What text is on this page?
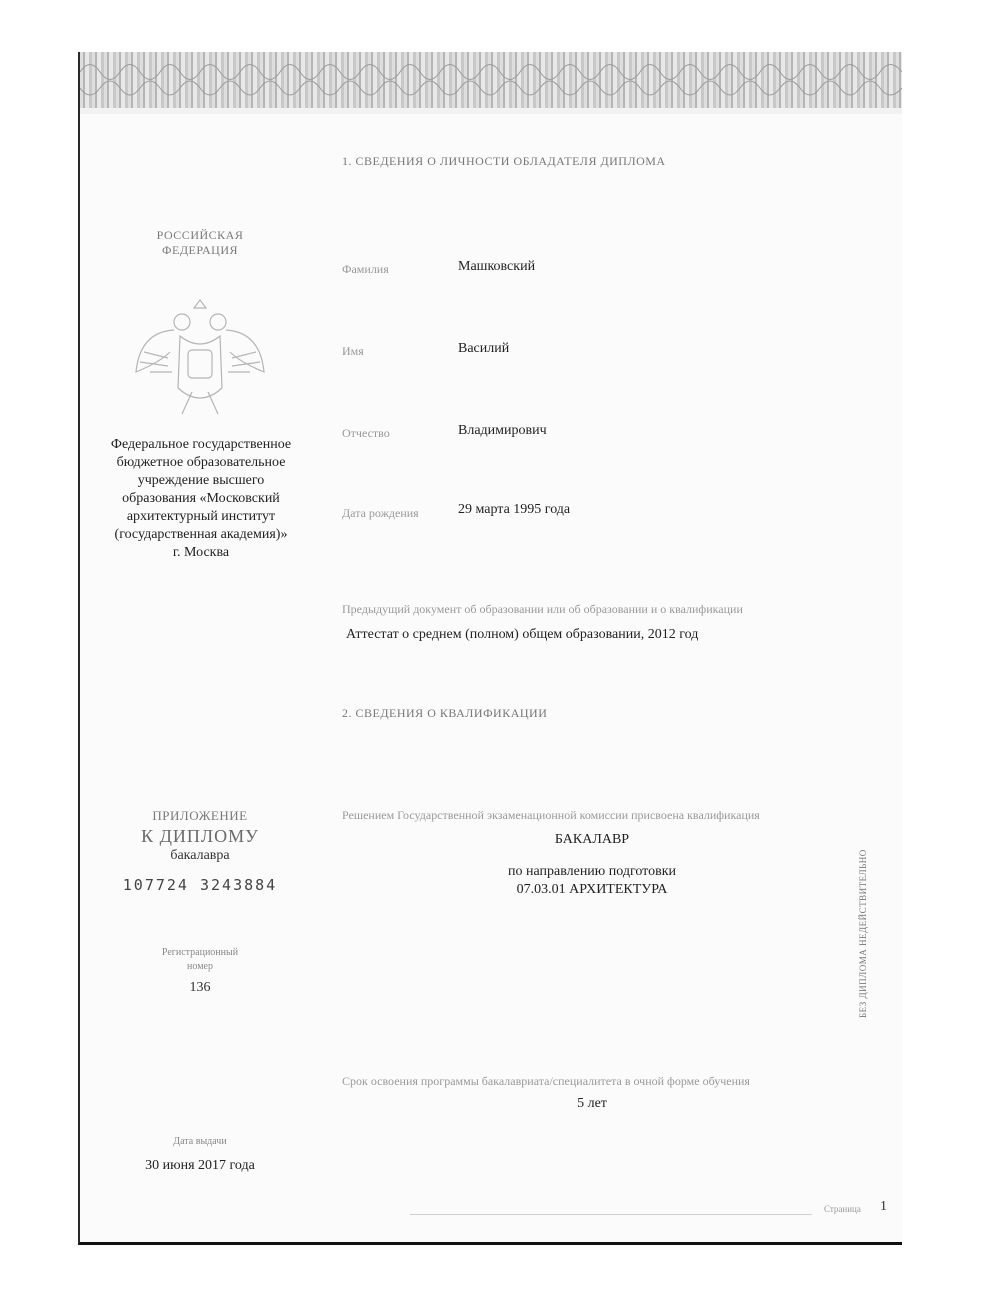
РОССИЙСКАЯ
ФЕДЕРАЦИЯ
Федеральное государственное
бюджетное образовательное
учреждение высшего
образования «Московский
архитектурный институт
(государственная академия)»
г. Москва
ПРИЛОЖЕНИЕ
К ДИПЛОМУ
бакалавра
107724 3243884
Регистрационный
номер
136
Дата выдачи
30 июня 2017 года
1. СВЕДЕНИЯ О ЛИЧНОСТИ ОБЛАДАТЕЛЯ ДИПЛОМА
Фамилия	Машковский
Имя	Василий
Отчество	Владимирович
Дата рождения	29 марта 1995 года
Предыдущий документ об образовании или об образовании и о квалификации
Аттестат о среднем (полном) общем образовании, 2012 год
2. СВЕДЕНИЯ О КВАЛИФИКАЦИИ
Решением Государственной экзаменационной комиссии присвоена квалификация
БАКАЛАВР
по направлению подготовки
07.03.01 АРХИТЕКТУРА
Срок освоения программы бакалавриата/специалитета в очной форме обучения
5 лет
БЕЗ ДИПЛОМА НЕДЕЙСТВИТЕЛЬНО
Страница 1
